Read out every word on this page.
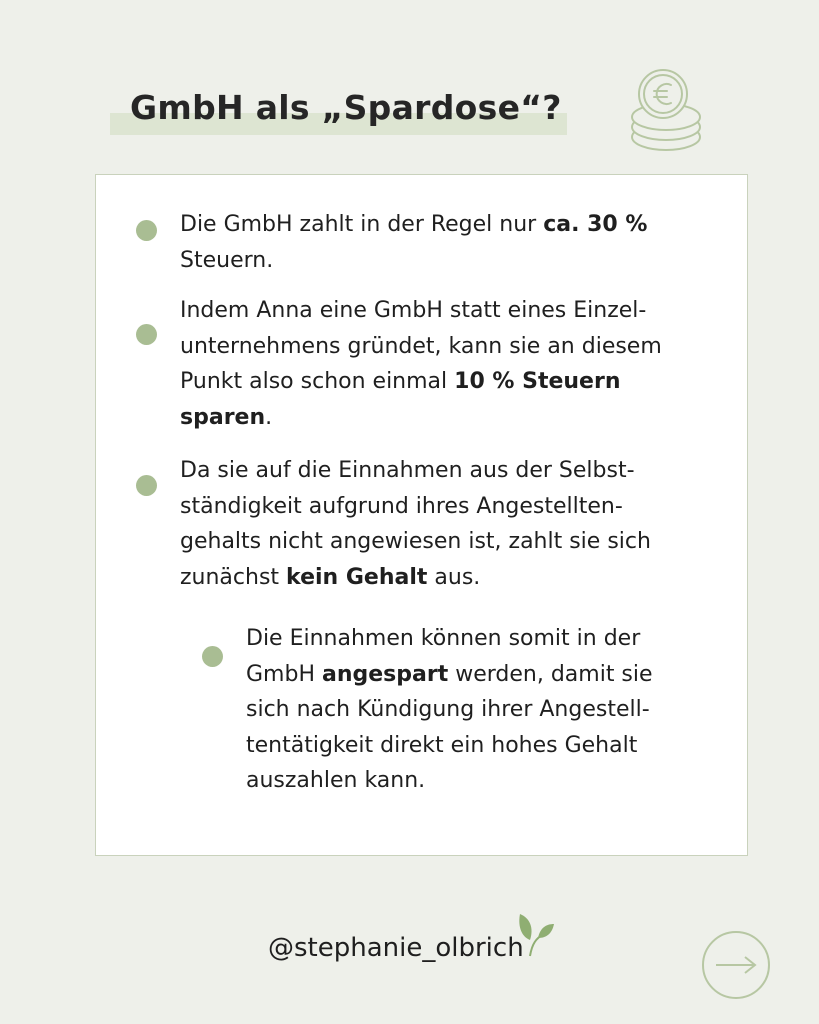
GmbH als „Spardose“?

Die GmbH zahlt in der Regel nur ca. 30 %
Steuern.

Indem Anna eine GmbH statt eines Einzel-
unternehmens gründet, kann sie an diesem
Punkt also schon einmal 10 % Steuern
sparen.

Da sie auf die Einnahmen aus der Selbst-
ständigkeit aufgrund ihres Angestellten-
gehalts nicht angewiesen ist, zahlt sie sich
zunächst kein Gehalt aus.

Die Einnahmen können somit in der
GmbH angespart werden, damit sie
sich nach Kündigung ihrer Angestell-
tentätigkeit direkt ein hohes Gehalt
auszahlen kann.

@stephanie_olbrich
